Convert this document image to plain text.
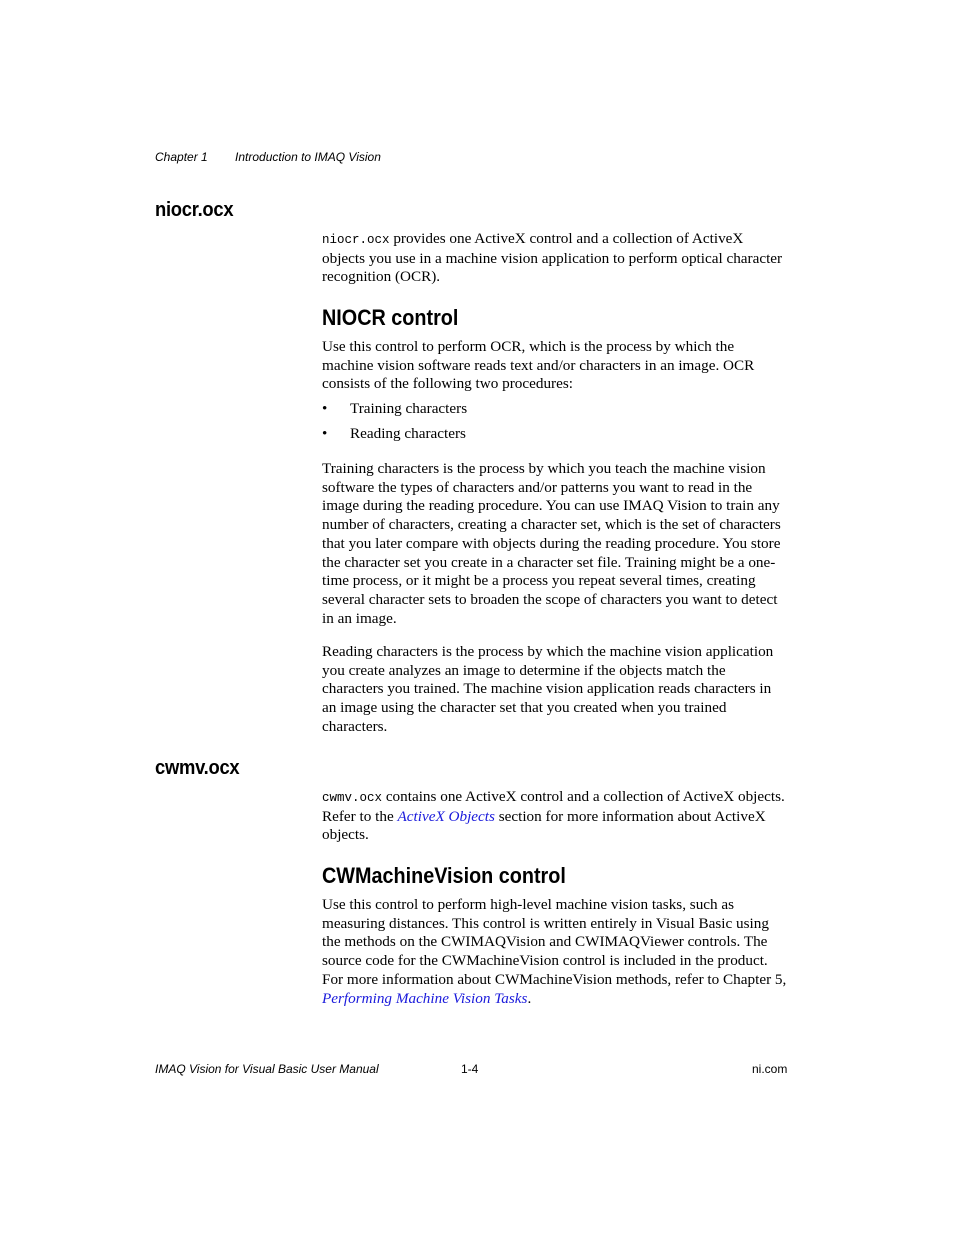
Chapter 1 Introduction to IMAQ Vision
niocr.ocx

niocr.ocx provides one ActiveX control and a collection of ActiveX objects you use in a machine vision application to perform optical character recognition (OCR).

NIOCR control

Use this control to perform OCR, which is the process by which the machine vision software reads text and/or characters in an image. OCR consists of the following two procedures:

• Training characters
• Reading characters

Training characters is the process by which you teach the machine vision software the types of characters and/or patterns you want to read in the image during the reading procedure. You can use IMAQ Vision to train any number of characters, creating a character set, which is the set of characters that you later compare with objects during the reading procedure. You store the character set you create in a character set file. Training might be a one-time process, or it might be a process you repeat several times, creating several character sets to broaden the scope of characters you want to detect in an image.

Reading characters is the process by which the machine vision application you create analyzes an image to determine if the objects match the characters you trained. The machine vision application reads characters in an image using the character set that you created when you trained characters.

cwmv.ocx

cwmv.ocx contains one ActiveX control and a collection of ActiveX objects. Refer to the ActiveX Objects section for more information about ActiveX objects.

CWMachineVision control

Use this control to perform high-level machine vision tasks, such as measuring distances. This control is written entirely in Visual Basic using the methods on the CWIMAQVision and CWIMAQViewer controls. The source code for the CWMachineVision control is included in the product. For more information about CWMachineVision methods, refer to Chapter 5, Performing Machine Vision Tasks.

IMAQ Vision for Visual Basic User Manual	1-4	ni.com
